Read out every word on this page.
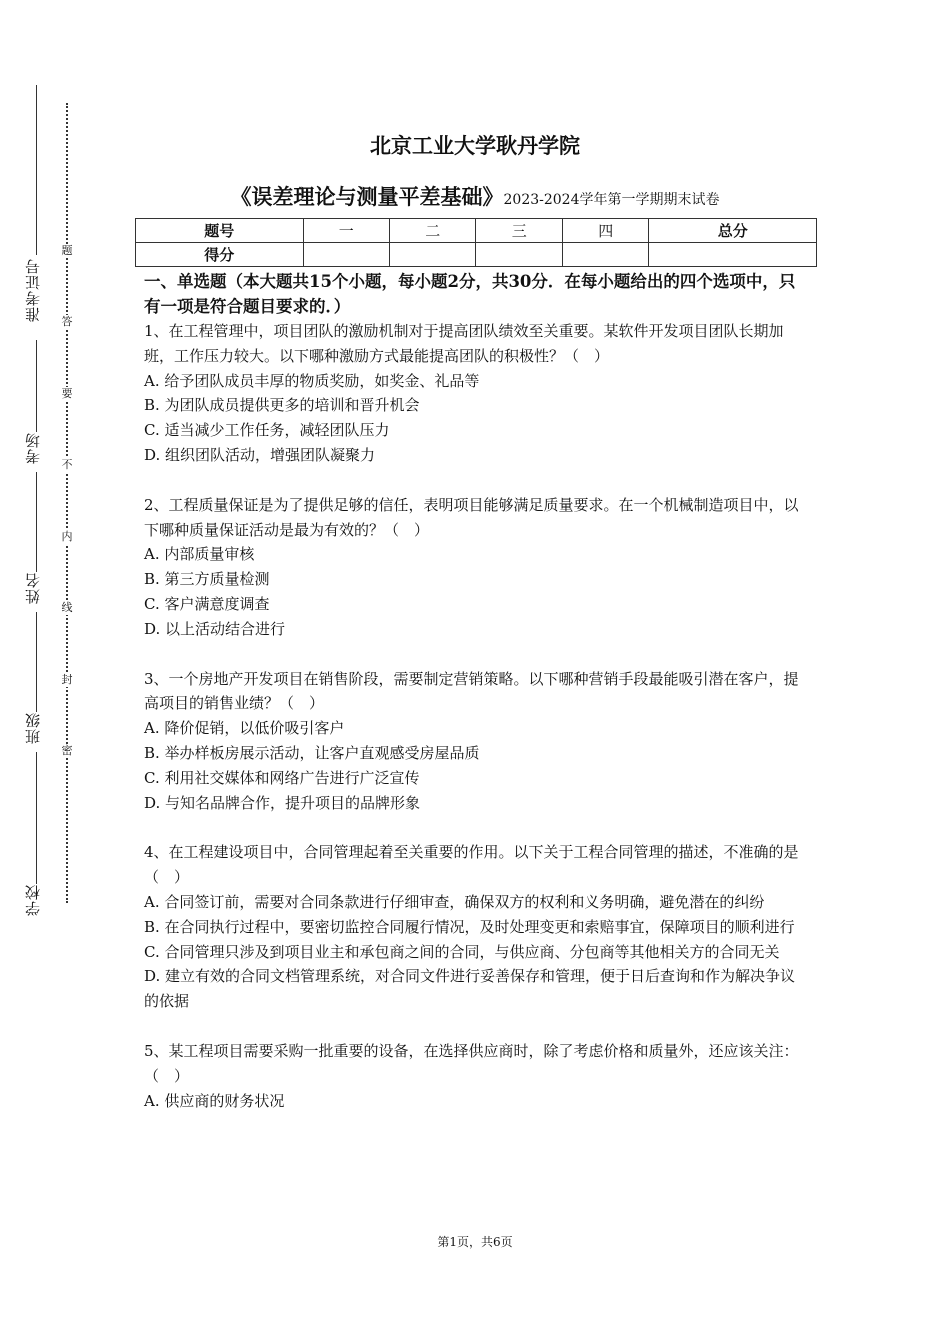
准考证号
考场
姓名
班级
学校
题
答
要
不
内
线
封
密
北京工业大学耿丹学院
《误差理论与测量平差基础》2023-2024学年第一学期期末试卷
题号	一	二	三	四	总分
得分					
一、单选题（本大题共15个小题，每小题2分，共30分．在每小题给出的四个选项中，只有一项是符合题目要求的．）

1、在工程管理中，项目团队的激励机制对于提高团队绩效至关重要。某软件开发项目团队长期加班，工作压力较大。以下哪种激励方式最能提高团队的积极性？（　）

A. 给予团队成员丰厚的物质奖励，如奖金、礼品等

B. 为团队成员提供更多的培训和晋升机会

C. 适当减少工作任务，减轻团队压力

D. 组织团队活动，增强团队凝聚力

2、工程质量保证是为了提供足够的信任，表明项目能够满足质量要求。在一个机械制造项目中，以下哪种质量保证活动是最为有效的？（　）

A. 内部质量审核

B. 第三方质量检测

C. 客户满意度调查

D. 以上活动结合进行

3、一个房地产开发项目在销售阶段，需要制定营销策略。以下哪种营销手段最能吸引潜在客户，提高项目的销售业绩？（　）

A. 降价促销，以低价吸引客户

B. 举办样板房展示活动，让客户直观感受房屋品质

C. 利用社交媒体和网络广告进行广泛宣传

D. 与知名品牌合作，提升项目的品牌形象

4、在工程建设项目中，合同管理起着至关重要的作用。以下关于工程合同管理的描述，不准确的是（　）

A. 合同签订前，需要对合同条款进行仔细审查，确保双方的权利和义务明确，避免潜在的纠纷

B. 在合同执行过程中，要密切监控合同履行情况，及时处理变更和索赔事宜，保障项目的顺利进行

C. 合同管理只涉及到项目业主和承包商之间的合同，与供应商、分包商等其他相关方的合同无关

D. 建立有效的合同文档管理系统，对合同文件进行妥善保存和管理，便于日后查询和作为解决争议的依据

5、某工程项目需要采购一批重要的设备，在选择供应商时，除了考虑价格和质量外，还应该关注：（　）

A. 供应商的财务状况

第1页，共6页
